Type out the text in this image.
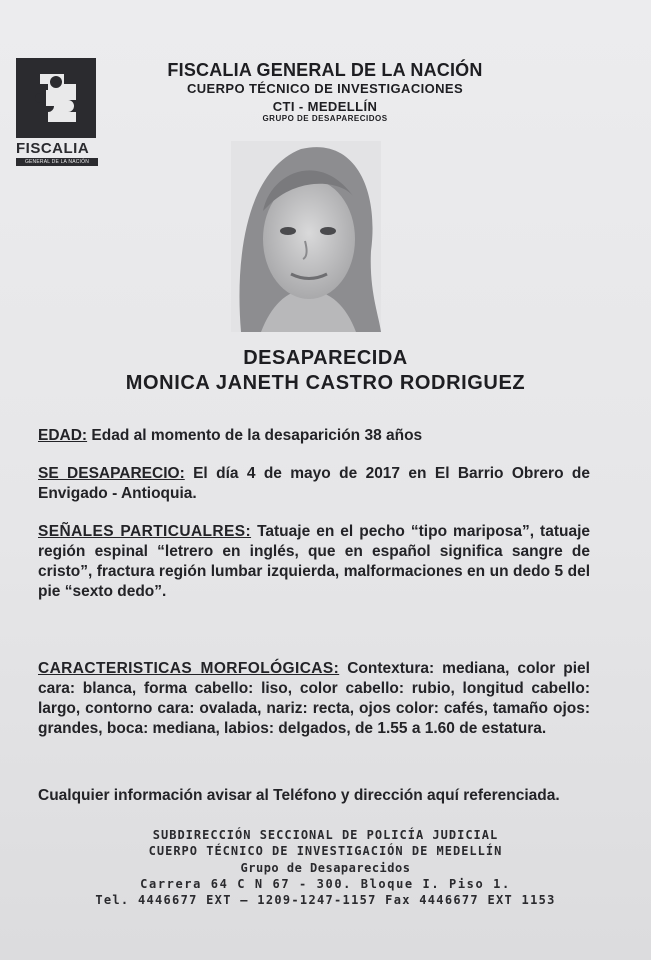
FISCALIA
GENERAL DE LA NACIÓN
FISCALIA GENERAL DE LA NACIÓN
CUERPO TÉCNICO DE INVESTIGACIONES
CTI - MEDELLÍN
GRUPO DE DESAPARECIDOS
DESAPARECIDA
MONICA JANETH CASTRO RODRIGUEZ
EDAD: Edad al momento de la desaparición 38 años
SE DESAPARECIO: El día 4 de mayo de 2017 en El Barrio Obrero de Envigado - Antioquia.
SEÑALES PARTICUALRES: Tatuaje en el pecho “tipo mariposa”, tatuaje región espinal “letrero en inglés, que en español significa sangre de cristo”, fractura región lumbar izquierda, malformaciones en un dedo 5 del pie “sexto dedo”.
CARACTERISTICAS MORFOLÓGICAS: Contextura: mediana, color piel cara: blanca, forma cabello: liso, color cabello: rubio, longitud cabello: largo, contorno cara: ovalada, nariz: recta, ojos color: cafés, tamaño ojos: grandes, boca: mediana, labios: delgados, de 1.55 a 1.60 de estatura.
Cualquier información avisar al Teléfono y dirección aquí referenciada.
SUBDIRECCIÓN SECCIONAL DE POLICÍA JUDICIAL
CUERPO TÉCNICO DE INVESTIGACIÓN DE MEDELLÍN
Grupo de Desaparecidos
Carrera 64 C N 67 - 300. Bloque I. Piso 1.
Tel. 4446677 EXT – 1209-1247-1157 Fax 4446677 EXT 1153
